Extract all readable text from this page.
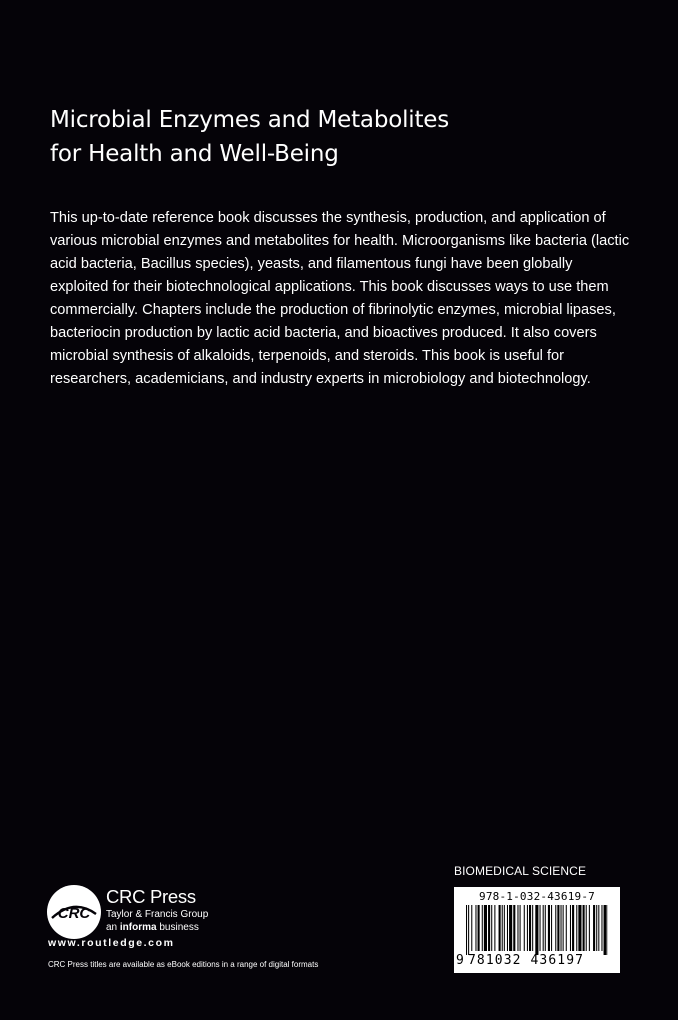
Microbial Enzymes and Metabolites
for Health and Well-Being

This up-to-date reference book discusses the synthesis, production, and application of various microbial enzymes and metabolites for health. Microorganisms like bacteria (lactic acid bacteria, Bacillus species), yeasts, and filamentous fungi have been globally exploited for their biotechnological applications. This book discusses ways to use them commercially. Chapters include the production of fibrinolytic enzymes, microbial lipases, bacteriocin production by lactic acid bacteria, and bioactives produced. It also covers microbial synthesis of alkaloids, terpenoids, and steroids. This book is useful for researchers, academicians, and industry experts in microbiology and biotechnology.

BIOMEDICAL SCIENCE
978-1-032-43619-7
9 781032 436197
CRC
CRC Press
Taylor & Francis Group
an informa business
www.routledge.com
CRC Press titles are available as eBook editions in a range of digital formats
